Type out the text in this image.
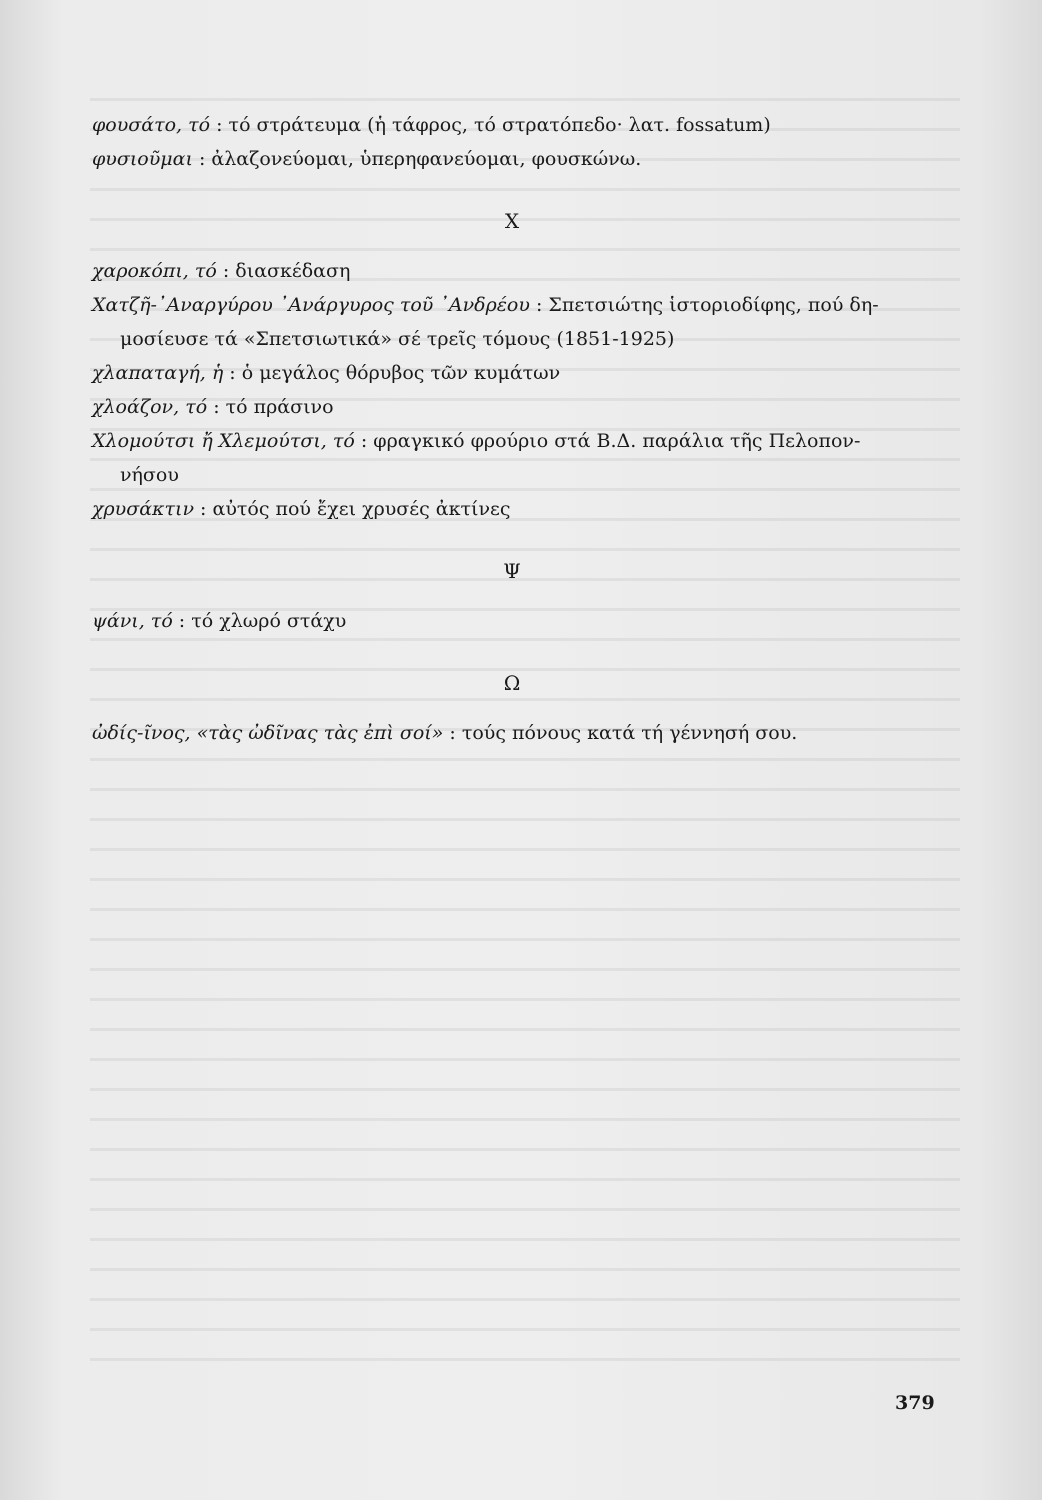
φουσάτο, τό : τό στράτευμα (ἡ τάφρος, τό στρατόπεδο· λατ. fossatum)

φυσιοῦμαι : ἀλαζονεύομαι, ὑπερηφανεύομαι, φουσκώνω.

X

χαροκόπι, τό : διασκέδαση

Χατζῆ-᾽Αναργύρου ᾽Ανάργυρος τοῦ ᾽Ανδρέου : Σπετσιώτης ἱστοριοδίφης, πού δη-
μοσίευσε τά «Σπετσιωτικά» σέ τρεῖς τόμους (1851-1925)

χλαπαταγή, ἡ : ὁ μεγάλος θόρυβος τῶν κυμάτων

χλοάζον, τό : τό πράσινο

Χλομούτσι ἤ Χλεμούτσι, τό : φραγκικό φρούριο στά Β.Δ. παράλια τῆς Πελοπον-
νήσου

χρυσάκτιν : αὐτός πού ἔχει χρυσές ἀκτίνες

Ψ

ψάνι, τό : τό χλωρό στάχυ

Ω

ὠδίς-ῖνος, «τὰς ὠδῖνας τὰς ἐπὶ σοί» : τούς πόνους κατά τή γέννησή σου.

379
